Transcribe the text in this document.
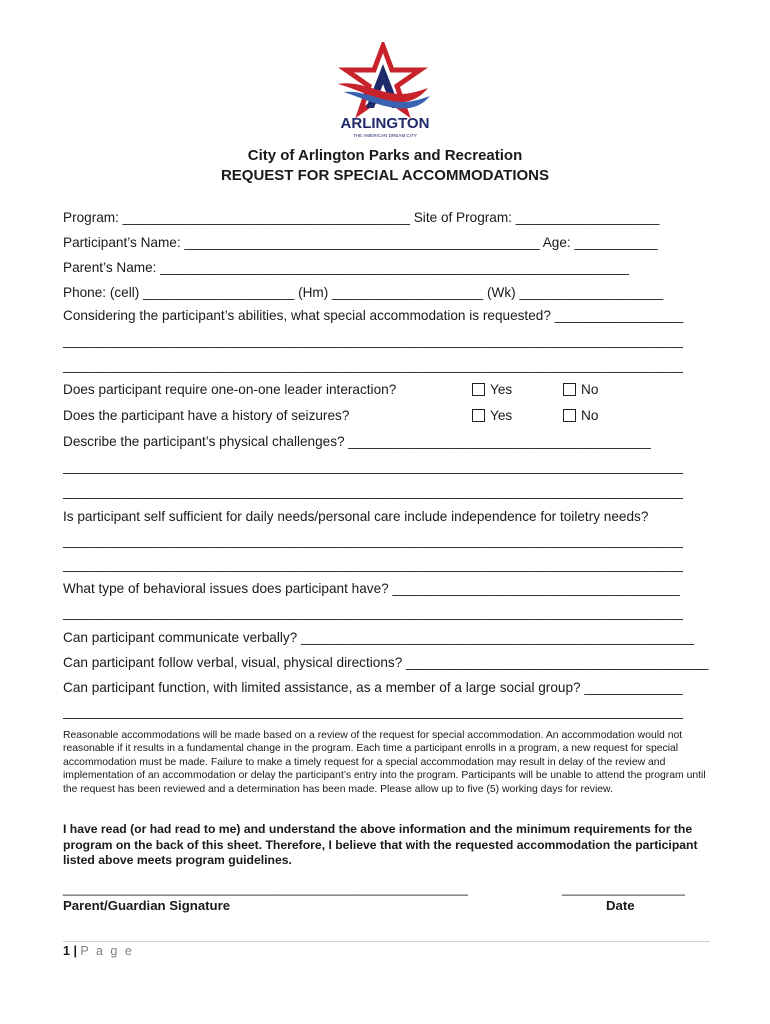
ARLINGTON
THE AMERICAN DREAM CITY
City of Arlington Parks and Recreation
REQUEST FOR SPECIAL ACCOMMODATIONS
Program: ______________________________________ Site of Program: ___________________
Participant’s Name: _______________________________________________ Age: ___________
Parent’s Name: ______________________________________________________________
Phone: (cell) ____________________ (Hm) ____________________ (Wk) ___________________
Considering the participant’s abilities, what special accommodation is requested? _________________
__________________________________________________________________________________
__________________________________________________________________________________
Does participant require one-on-one leader interaction?	Yes	No
Does the participant have a history of seizures?	Yes	No
Describe the participant’s physical challenges? ________________________________________
__________________________________________________________________________________
__________________________________________________________________________________
Is participant self sufficient for daily needs/personal care include independence for toiletry needs?
__________________________________________________________________________________
__________________________________________________________________________________
What type of behavioral issues does participant have? ______________________________________
__________________________________________________________________________________
Can participant communicate verbally? ____________________________________________________
Can participant follow verbal, visual, physical directions? ________________________________________
Can participant function, with limited assistance, as a member of a large social group? _____________
__________________________________________________________________________________
Reasonable accommodations will be made based on a review of the request for special accommodation. An accommodation would not reasonable if it results in a fundamental change in the program. Each time a participant enrolls in a program, a new request for special accommodation must be made. Failure to make a timely request for a special accommodation may result in delay of the review and implementation of an accommodation or delay the participant’s entry into the program. Participants will be unable to attend the program until the request has been reviewed and a determination has been made. Please allow up to five (5) working days for review.
I have read (or had read to me) and understand the above information and the minimum requirements for the program on the back of this sheet. Therefore, I believe that with the requested accommodation the participant listed above meets program guidelines.
________________________________________________________	_________________
Parent/Guardian Signature	Date
1 | P a g e
